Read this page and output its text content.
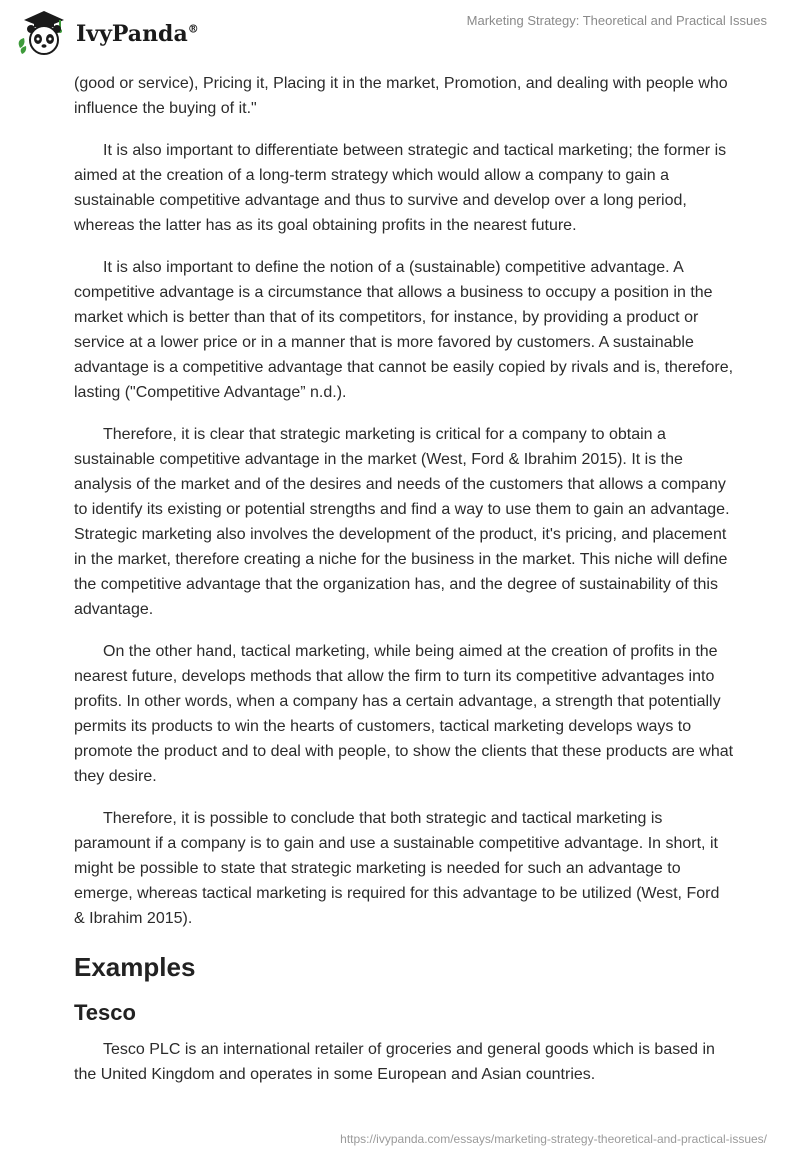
IvyPanda®
Marketing Strategy: Theoretical and Practical Issues

(good or service), Pricing it, Placing it in the market, Promotion, and dealing with people who influence the buying of it."

It is also important to differentiate between strategic and tactical marketing; the former is aimed at the creation of a long-term strategy which would allow a company to gain a sustainable competitive advantage and thus to survive and develop over a long period, whereas the latter has as its goal obtaining profits in the nearest future.

It is also important to define the notion of a (sustainable) competitive advantage. A competitive advantage is a circumstance that allows a business to occupy a position in the market which is better than that of its competitors, for instance, by providing a product or service at a lower price or in a manner that is more favored by customers. A sustainable advantage is a competitive advantage that cannot be easily copied by rivals and is, therefore, lasting ("Competitive Advantage” n.d.).

Therefore, it is clear that strategic marketing is critical for a company to obtain a sustainable competitive advantage in the market (West, Ford & Ibrahim 2015). It is the analysis of the market and of the desires and needs of the customers that allows a company to identify its existing or potential strengths and find a way to use them to gain an advantage. Strategic marketing also involves the development of the product, it's pricing, and placement in the market, therefore creating a niche for the business in the market. This niche will define the competitive advantage that the organization has, and the degree of sustainability of this advantage.

On the other hand, tactical marketing, while being aimed at the creation of profits in the nearest future, develops methods that allow the firm to turn its competitive advantages into profits. In other words, when a company has a certain advantage, a strength that potentially permits its products to win the hearts of customers, tactical marketing develops ways to promote the product and to deal with people, to show the clients that these products are what they desire.

Therefore, it is possible to conclude that both strategic and tactical marketing is paramount if a company is to gain and use a sustainable competitive advantage. In short, it might be possible to state that strategic marketing is needed for such an advantage to emerge, whereas tactical marketing is required for this advantage to be utilized (West, Ford & Ibrahim 2015).

Examples
Tesco

Tesco PLC is an international retailer of groceries and general goods which is based in the United Kingdom and operates in some European and Asian countries.

https://ivypanda.com/essays/marketing-strategy-theoretical-and-practical-issues/
